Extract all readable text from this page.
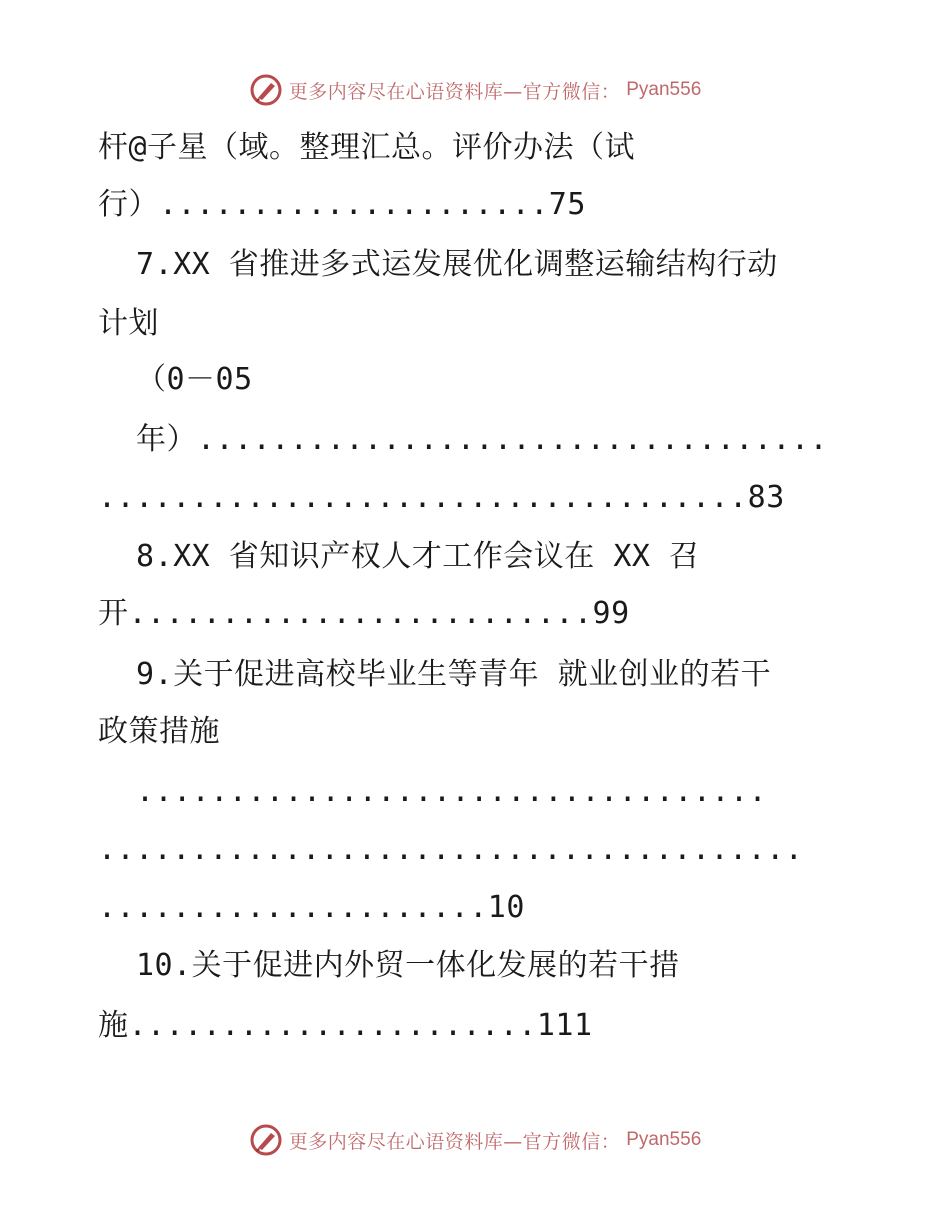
更多内容尽在心语资料库—官方微信： Pyan556
杆@子星（域。整理汇总。评价办法（试
行）.....................75
7.XX 省推进多式运发展优化调整运输结构行动
计划
（0－05
年）..................................
...................................83
8.XX 省知识产权人才工作会议在 XX 召
开.........................99
9.关于促进高校毕业生等青年 就业创业的若干
政策措施
..................................
......................................
.....................10
10.关于促进内外贸一体化发展的若干措
施......................111
更多内容尽在心语资料库—官方微信： Pyan556
